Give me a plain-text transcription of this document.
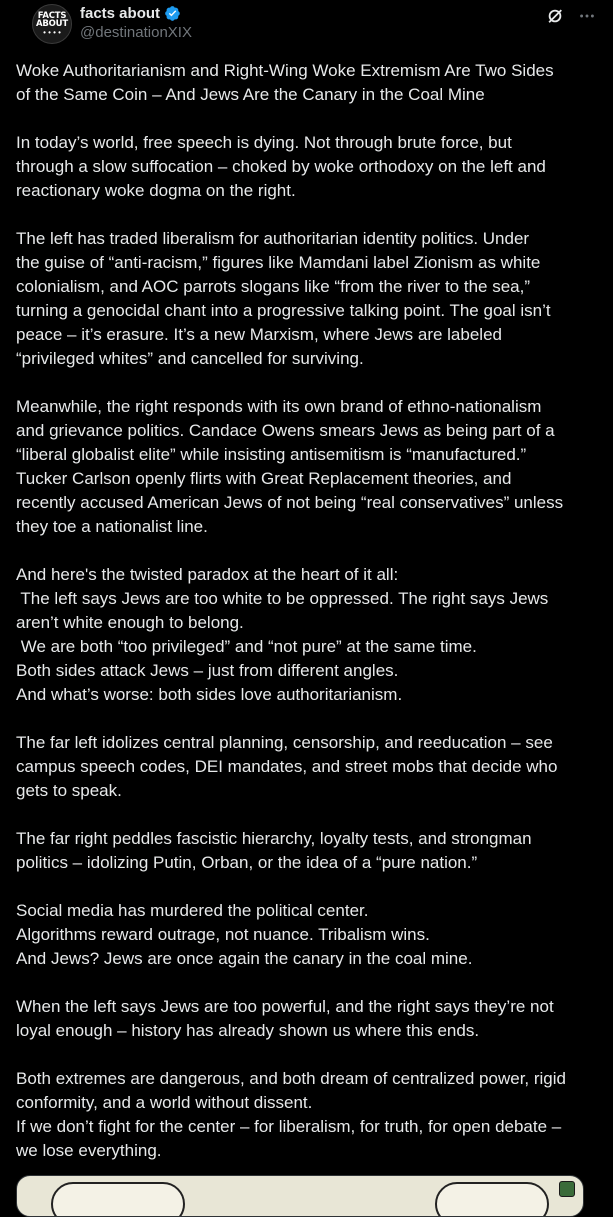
FACTS
ABOUT
• • • •
facts about
@destinationXIX
Woke Authoritarianism and Right-Wing Woke Extremism Are Two Sides
of the Same Coin – And Jews Are the Canary in the Coal Mine
In today’s world, free speech is dying. Not through brute force, but
through a slow suffocation – choked by woke orthodoxy on the left and
reactionary woke dogma on the right.
The left has traded liberalism for authoritarian identity politics. Under
the guise of “anti-racism,” figures like Mamdani label Zionism as white
colonialism, and AOC parrots slogans like “from the river to the sea,”
turning a genocidal chant into a progressive talking point. The goal isn’t
peace – it’s erasure. It’s a new Marxism, where Jews are labeled
“privileged whites” and cancelled for surviving.
Meanwhile, the right responds with its own brand of ethno-nationalism
and grievance politics. Candace Owens smears Jews as being part of a
“liberal globalist elite” while insisting antisemitism is “manufactured.”
Tucker Carlson openly flirts with Great Replacement theories, and
recently accused American Jews of not being “real conservatives” unless
they toe a nationalist line.
And here's the twisted paradox at the heart of it all:
The left says Jews are too white to be oppressed. The right says Jews
aren’t white enough to belong.
We are both “too privileged” and “not pure” at the same time.
Both sides attack Jews – just from different angles.
And what’s worse: both sides love authoritarianism.
The far left idolizes central planning, censorship, and reeducation – see
campus speech codes, DEI mandates, and street mobs that decide who
gets to speak.
The far right peddles fascistic hierarchy, loyalty tests, and strongman
politics – idolizing Putin, Orban, or the idea of a “pure nation.”
Social media has murdered the political center.
Algorithms reward outrage, not nuance. Tribalism wins.
And Jews? Jews are once again the canary in the coal mine.
When the left says Jews are too powerful, and the right says they’re not
loyal enough – history has already shown us where this ends.
Both extremes are dangerous, and both dream of centralized power, rigid
conformity, and a world without dissent.
If we don’t fight for the center – for liberalism, for truth, for open debate –
we lose everything.
